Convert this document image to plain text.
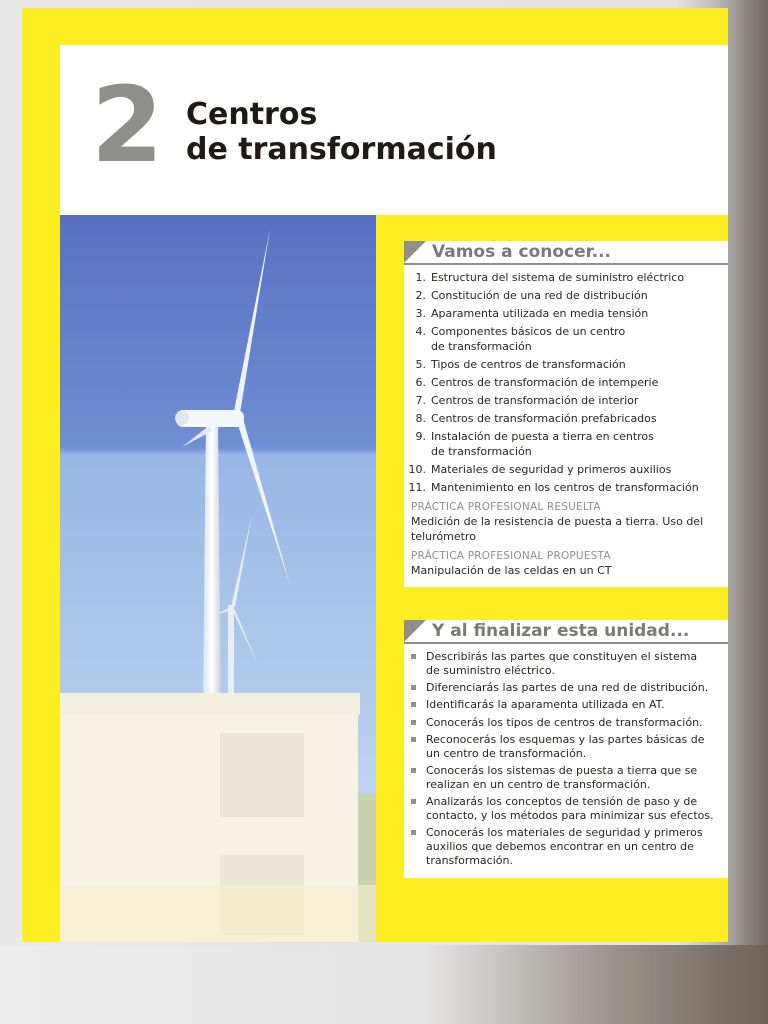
2 Centros
de transformación
Vamos a conocer...
1. Estructura del sistema de suministro eléctrico
2. Constitución de una red de distribución
3. Aparamenta utilizada en media tensión
4. Componentes básicos de un centro
de transformación
5. Tipos de centros de transformación
6. Centros de transformación de intemperie
7. Centros de transformación de interior
8. Centros de transformación prefabricados
9. Instalación de puesta a tierra en centros
de transformación
10. Materiales de seguridad y primeros auxilios
11. Mantenimiento en los centros de transformación
PRÁCTICA PROFESIONAL RESUELTA
Medición de la resistencia de puesta a tierra. Uso del telurómetro
PRÁCTICA PROFESIONAL PROPUESTA
Manipulación de las celdas en un CT
Y al finalizar esta unidad...
Describirás las partes que constituyen el sistema
de suministro eléctrico.
Diferenciarás las partes de una red de distribución.
Identificarás la aparamenta utilizada en AT.
Conocerás los tipos de centros de transformación.
Reconocerás los esquemas y las partes básicas de
un centro de transformación.
Conocerás los sistemas de puesta a tierra que se
realizan en un centro de transformación.
Analizarás los conceptos de tensión de paso y de
contacto, y los métodos para minimizar sus efectos.
Conocerás los materiales de seguridad y primeros
auxilios que debemos encontrar en un centro de
transformación.
